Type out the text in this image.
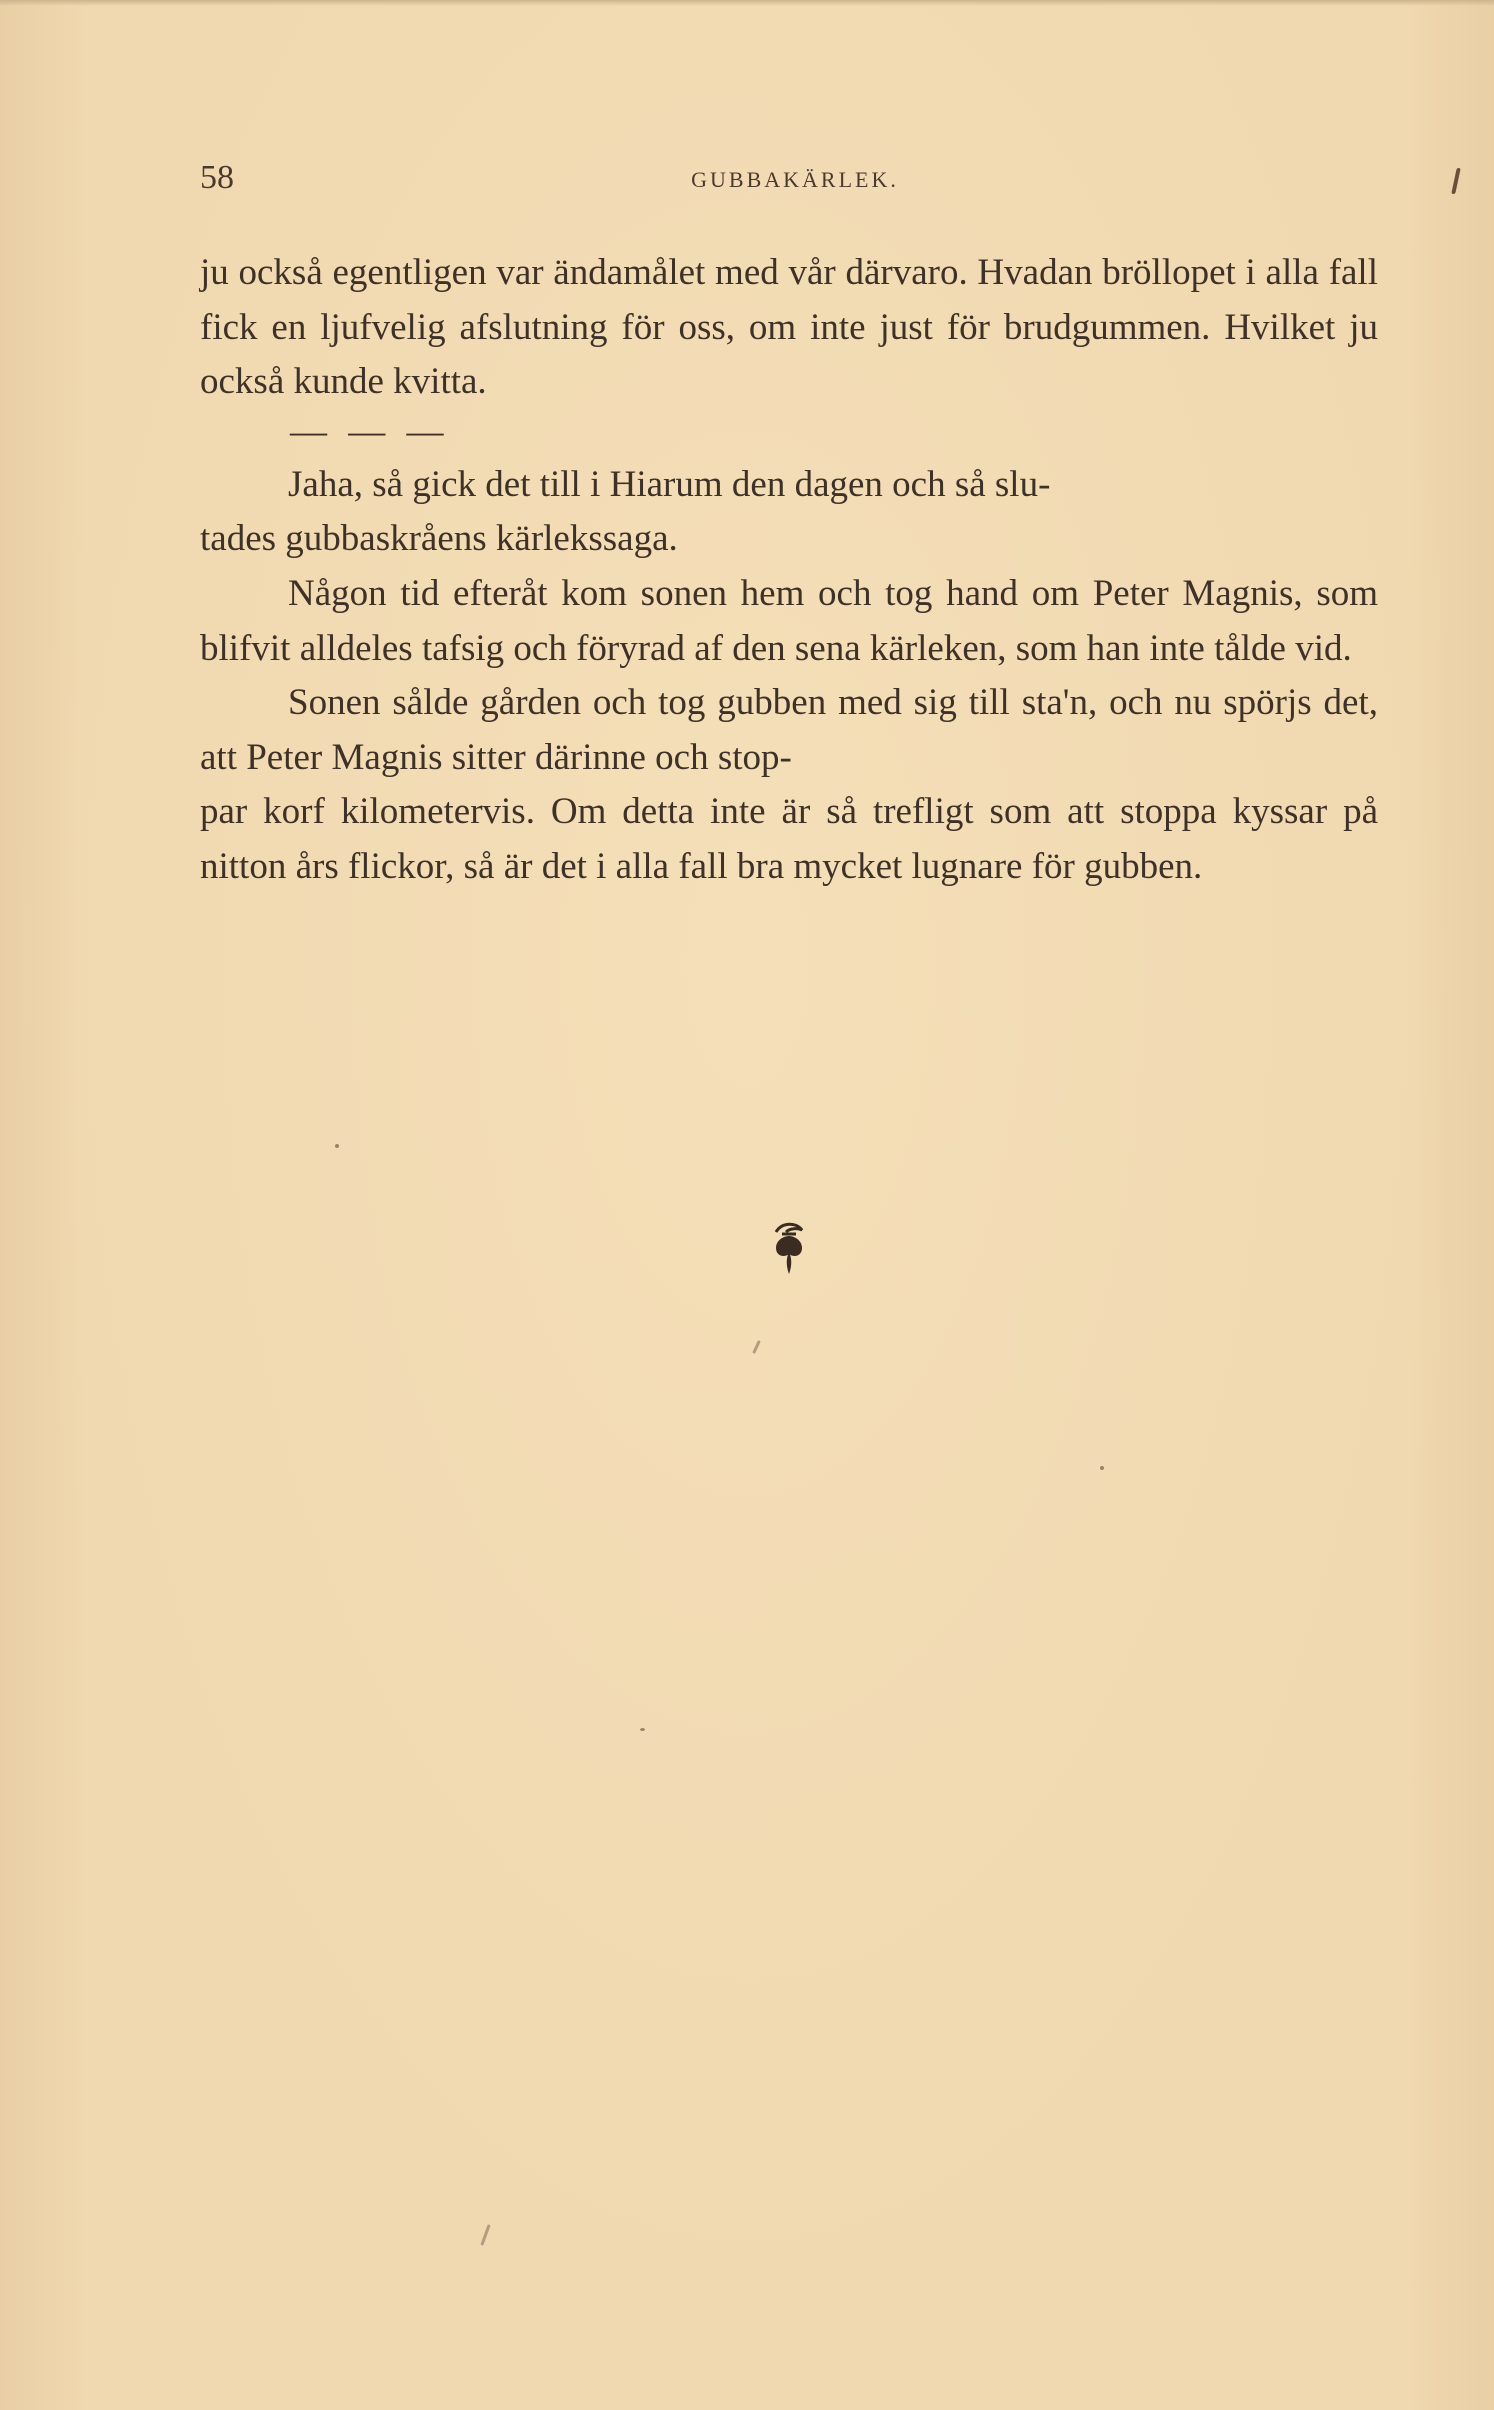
58	GUBBAKÄRLEK.

ju också egentligen var ändamålet med vår därvaro. Hvadan bröllopet i alla fall fick en ljufvelig afslutning för oss, om inte just för brudgummen. Hvilket ju också kunde kvitta.

— — —

Jaha, så gick det till i Hiarum den dagen och så slu-
tades gubbaskråens kärlekssaga.

Någon tid efteråt kom sonen hem och tog hand om Peter Magnis, som blifvit alldeles tafsig och föryrad af den sena kärleken, som han inte tålde vid.

Sonen sålde gården och tog gubben med sig till sta'n, och nu spörjs det, att Peter Magnis sitter därinne och stop-
par korf kilometervis. Om detta inte är så trefligt som att stoppa kyssar på nitton års flickor, så är det i alla fall bra mycket lugnare för gubben.
